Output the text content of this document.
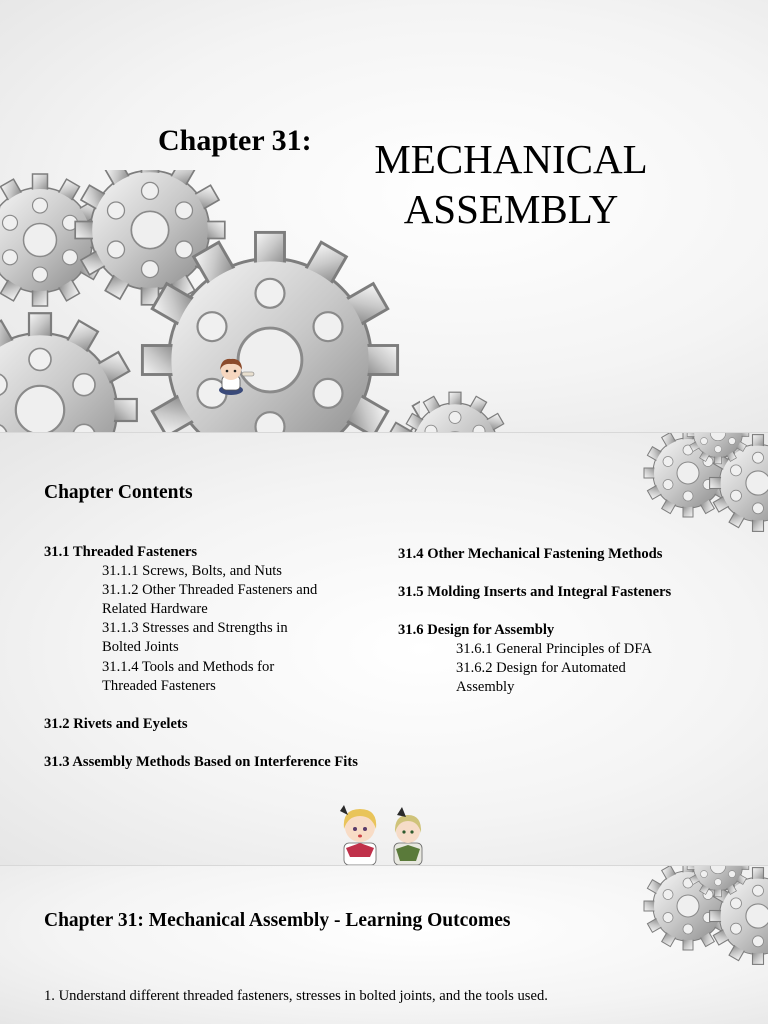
Chapter 31:	MECHANICAL
ASSEMBLY
Chapter Contents
31.1 Threaded Fasteners
31.1.1 Screws, Bolts, and Nuts
31.1.2 Other Threaded Fasteners and Related Hardware
31.1.3 Stresses and Strengths in Bolted Joints
31.1.4 Tools and Methods for Threaded Fasteners
31.2 Rivets and Eyelets
31.3 Assembly Methods Based on Interference Fits
31.4 Other Mechanical Fastening Methods
31.5 Molding Inserts and Integral Fasteners
31.6 Design for Assembly
31.6.1 General Principles of DFA
31.6.2 Design for Automated Assembly
Chapter 31: Mechanical Assembly - Learning Outcomes
1. Understand different threaded fasteners, stresses in bolted joints, and the tools used.
